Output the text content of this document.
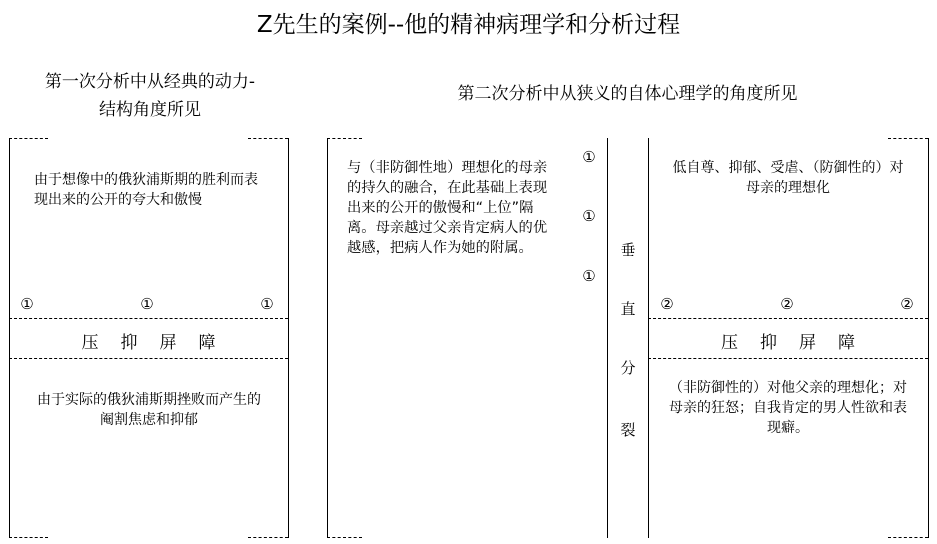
Z先生的案例--他的精神病理学和分析过程
第一次分析中从经典的动力-
结构角度所见
由于想像中的俄狄浦斯期的胜利而表现出来的公开的夸大和傲慢
①	①	①
压抑屏障
由于实际的俄狄浦斯期挫败而产生的阉割焦虑和抑郁
第二次分析中从狭义的自体心理学的角度所见
与（非防御性地）理想化的母亲的持久的融合，在此基础上表现出来的公开的傲慢和“上位”隔离。母亲越过父亲肯定病人的优越感，把病人作为她的附属。
①
①
①
垂
直
分
裂
低自尊、抑郁、受虐、（防御性的）对母亲的理想化
②	②	②
压抑屏障
（非防御性的）对他父亲的理想化；对母亲的狂怒；自我肯定的男人性欲和表现癖。
